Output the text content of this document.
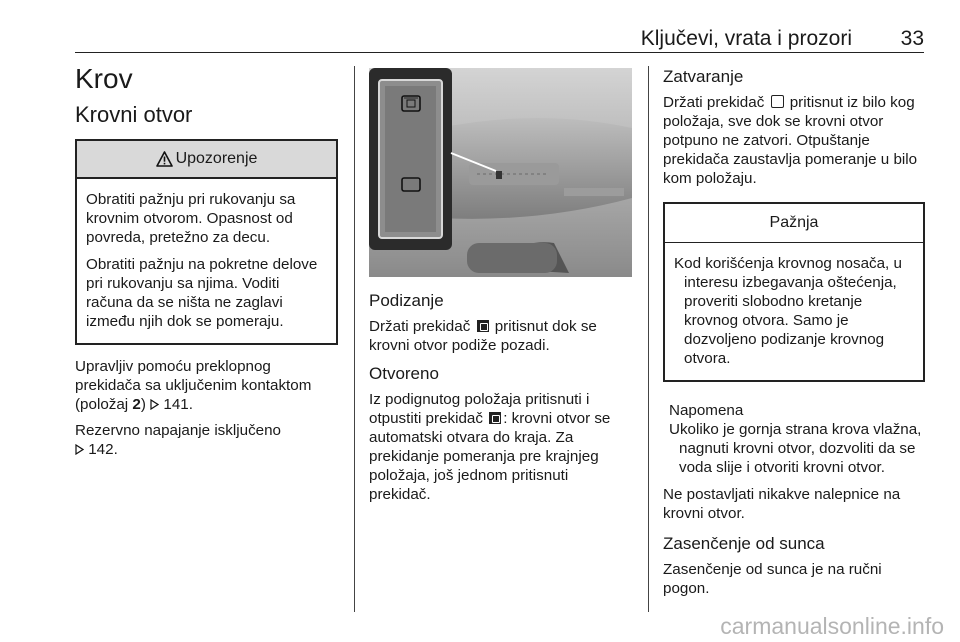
Ključevi, vrata i prozori 33
Krov
Krovni otvor
Upozorenje

Obratiti pažnju pri rukovanju sa krovnim otvorom. Opasnost od povreda, pretežno za decu.

Obratiti pažnju na pokretne delove pri rukovanju sa njima. Voditi računa da se ništa ne zaglavi između njih dok se pomeraju.

Upravljiv pomoću preklopnog prekidača sa uključenim kontaktom (položaj 2)  141.

Rezervno napajanje isključeno
142.

Podizanje

Držati prekidač  pritisnut dok se krovni otvor podiže pozadi.

Otvoreno

Iz podignutog položaja pritisnuti i otpustiti prekidač : krovni otvor se automatski otvara do kraja. Za prekidanje pomeranja pre krajnjeg položaja, još jednom pritisnuti prekidač.

Zatvaranje

Držati prekidač  pritisnut iz bilo kog položaja, sve dok se krovni otvor potpuno ne zatvori. Otpuštanje prekidača zaustavlja pomeranje u bilo kom položaju.

Pažnja

Kod korišćenja krovnog nosača, u interesu izbegavanja oštećenja, proveriti slobodno kretanje krovnog otvora. Samo je dozvoljeno podizanje krovnog otvora.

Napomena

Ukoliko je gornja strana krova vlažna, nagnuti krovni otvor, dozvoliti da se voda slije i otvoriti krovni otvor.

Ne postavljati nikakve nalepnice na krovni otvor.

Zasenčenje od sunca

Zasenčenje od sunca je na ručni pogon.

carmanualsonline.info
